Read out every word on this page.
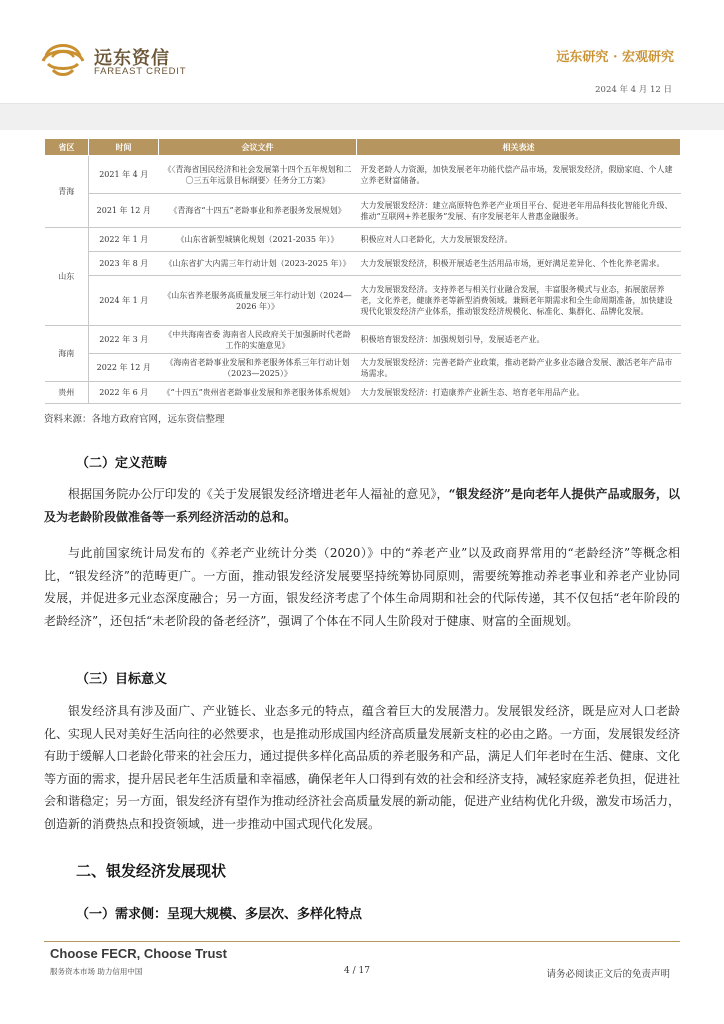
远东资信
FAREAST CREDIT
远东研究 · 宏观研究
2024 年 4 月 12 日
省区	时间	会议文件	相关表述
青海	2021 年 4 月	《〈青海省国民经济和社会发展第十四个五年规划和二〇三五年远景目标纲要〉任务分工方案》	开发老龄人力资源，加快发展老年功能代偿产品市场，发展银发经济，假励家庭、个人建立养老财富储备。
	2021 年 12 月	《青海省“十四五”老龄事业和养老服务发展规划》	大力发展银发经济：建立高原特色养老产业项目平台、促进老年用品科技化智能化升级、推动“互联网+养老服务”发展、有序发展老年人普惠金融服务。
山东	2022 年 1 月	《山东省新型城镇化规划（2021-2035 年）》	积极应对人口老龄化，大力发展银发经济。
	2023 年 8 月	《山东省扩大内需三年行动计划（2023-2025 年）》	大力发展银发经济，积极开展适老生活用品市场，更好满足差异化、个性化养老需求。
	2024 年 1 月	《山东省养老服务高质量发展三年行动计划（2024—2026 年）》	大力发展银发经济。支持养老与相关行业融合发展，丰富服务模式与业态，拓展旅居养老，文化养老，健康养老等新型消费领域。兼顾老年期需求和全生命周期准备，加快建设现代化银发经济产业体系，推动银发经济规模化、标准化、集群化、品牌化发展。
海南	2022 年 3 月	《中共海南省委 海南省人民政府关于加强新时代老龄工作的实施意见》	积极培育银发经济：加强规划引导，发展适老产业。
	2022 年 12 月	《海南省老龄事业发展和养老服务体系三年行动计划（2023—2025）》	大力发展银发经济：完善老龄产业政策，推动老龄产业多业态融合发展、激活老年产品市场需求。
贵州	2022 年 6 月	《“十四五”贵州省老龄事业发展和养老服务体系规划》	大力发展银发经济：打造康养产业新生态、培育老年用品产业。
资料来源：各地方政府官网，远东资信整理
（二）定义范畴

根据国务院办公厅印发的《关于发展银发经济增进老年人福祉的意见》，“银发经济”是向老年人提供产品或服务，以及为老龄阶段做准备等一系列经济活动的总和。

与此前国家统计局发布的《养老产业统计分类（2020）》中的“养老产业”以及政商界常用的“老龄经济”等概念相比，“银发经济”的范畴更广。一方面，推动银发经济发展要坚持统筹协同原则，需要统筹推动养老事业和养老产业协同发展，并促进多元业态深度融合；另一方面，银发经济考虑了个体生命周期和社会的代际传递，其不仅包括“老年阶段的老龄经济”，还包括“未老阶段的备老经济”，强调了个体在不同人生阶段对于健康、财富的全面规划。

（三）目标意义

银发经济具有涉及面广、产业链长、业态多元的特点，蕴含着巨大的发展潜力。发展银发经济，既是应对人口老龄化、实现人民对美好生活向往的必然要求，也是推动形成国内经济高质量发展新支柱的必由之路。一方面，发展银发经济有助于缓解人口老龄化带来的社会压力，通过提供多样化高品质的养老服务和产品，满足人们年老时在生活、健康、文化等方面的需求，提升居民老年生活质量和幸福感，确保老年人口得到有效的社会和经济支持，减轻家庭养老负担，促进社会和谐稳定；另一方面，银发经济有望作为推动经济社会高质量发展的新动能，促进产业结构优化升级，激发市场活力，创造新的消费热点和投资领域，进一步推动中国式现代化发展。

二、银发经济发展现状
（一）需求侧：呈现大规模、多层次、多样化特点
Choose FECR, Choose Trust
服务资本市场 助力信用中国	4 / 17	请务必阅读正文后的免责声明
